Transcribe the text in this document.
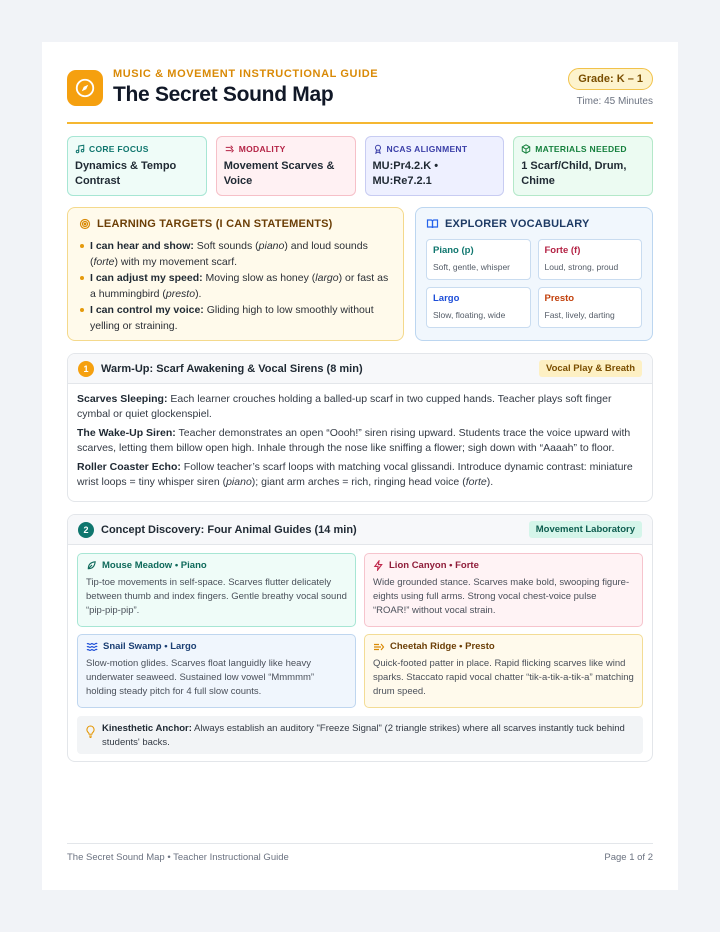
MUSIC & MOVEMENT INSTRUCTIONAL GUIDE
The Secret Sound Map
Grade: K – 1
Time: 45 Minutes
CORE FOCUS
Dynamics & Tempo Contrast
MODALITY
Movement Scarves & Voice
NCAS ALIGNMENT
MU:Pr4.2.K • MU:Re7.2.1
MATERIALS NEEDED
1 Scarf/Child, Drum, Chime
LEARNING TARGETS (I CAN STATEMENTS)
I can hear and show: Soft sounds (piano) and loud sounds (forte) with my movement scarf.
I can adjust my speed: Moving slow as honey (largo) or fast as a hummingbird (presto).
I can control my voice: Gliding high to low smoothly without yelling or straining.
EXPLORER VOCABULARY
Piano (p)
Soft, gentle, whisper
Forte (f)
Loud, strong, proud
Largo
Slow, floating, wide
Presto
Fast, lively, darting
1	Warm-Up: Scarf Awakening & Vocal Sirens (8 min)	Vocal Play & Breath

Scarves Sleeping: Each learner crouches holding a balled-up scarf in two cupped hands. Teacher plays soft finger cymbal or quiet glockenspiel.

The Wake-Up Siren: Teacher demonstrates an open “Oooh!” siren rising upward. Students trace the voice upward with scarves, letting them billow open high. Inhale through the nose like sniffing a flower; sigh down with “Aaaah” to floor.

Roller Coaster Echo: Follow teacher’s scarf loops with matching vocal glissandi. Introduce dynamic contrast: miniature wrist loops = tiny whisper siren (piano); giant arm arches = rich, ringing head voice (forte).

2	Concept Discovery: Four Animal Guides (14 min)	Movement Laboratory
Mouse Meadow • Piano
Tip-toe movements in self-space. Scarves flutter delicately between thumb and index fingers. Gentle breathy vocal sound “pip-pip-pip”.
Lion Canyon • Forte
Wide grounded stance. Scarves make bold, swooping figure-eights using full arms. Strong vocal chest-voice pulse “ROAR!” without vocal strain.
Snail Swamp • Largo
Slow-motion glides. Scarves float languidly like heavy underwater seaweed. Sustained low vowel “Mmmmm” holding steady pitch for 4 full slow counts.
Cheetah Ridge • Presto
Quick-footed patter in place. Rapid flicking scarves like wind sparks. Staccato rapid vocal chatter “tik-a-tik-a-tik-a” matching drum speed.
Kinesthetic Anchor: Always establish an auditory "Freeze Signal" (2 triangle strikes) where all scarves instantly tuck behind students' backs.
The Secret Sound Map • Teacher Instructional Guide	Page 1 of 2
